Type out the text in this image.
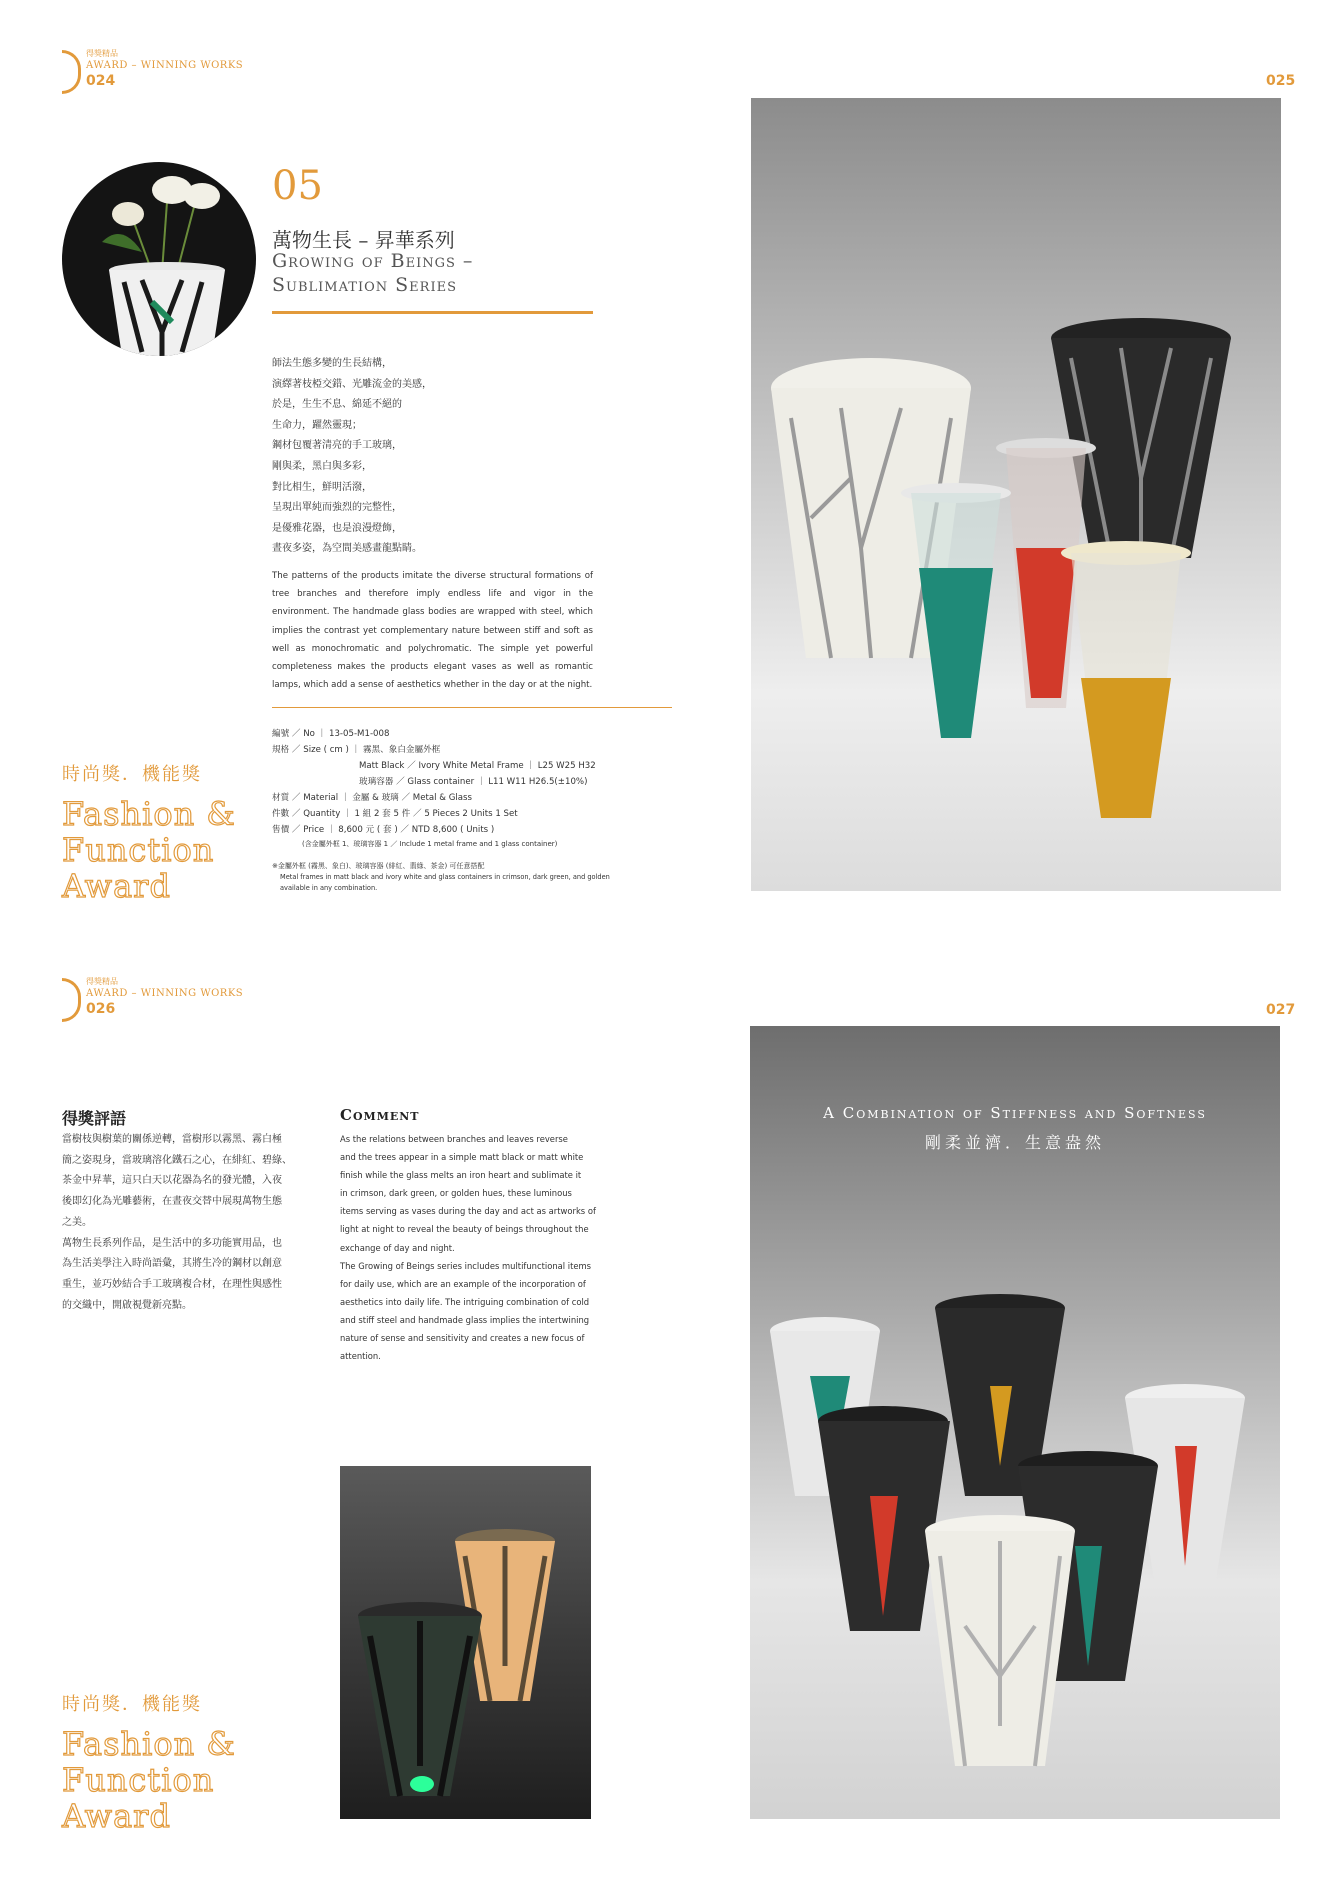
得獎精品
AWARD – WINNING WORKS
024	025
05
萬物生長 – 昇華系列
Growing of Beings –
Sublimation Series
師法生態多變的生長結構，
演繹著枝椏交錯、光雕流金的美感，
於是，生生不息、綿延不絕的
生命力，躍然靈現；
鋼材包覆著清亮的手工玻璃，
剛與柔，黑白與多彩，
對比相生，鮮明活潑，
呈現出單純而強烈的完整性，
是優雅花器，也是浪漫燈飾，
晝夜多姿，為空間美感畫龍點睛。
The patterns of the products imitate the diverse structural formations of tree branches and therefore imply endless life and vigor in the environment. The handmade glass bodies are wrapped with steel, which implies the contrast yet complementary nature between stiff and soft as well as monochromatic and polychromatic. The simple yet powerful completeness makes the products elegant vases as well as romantic lamps, which add a sense of aesthetics whether in the day or at the night.
編號 ／ No ｜ 13-05-M1-008
規格 ／ Size ( cm ) ｜ 霧黑、象白金屬外框
Matt Black ／ Ivory White Metal Frame ｜ L25 W25 H32
玻璃容器 ／ Glass container ｜ L11 W11 H26.5(±10%)
材質 ／ Material ｜ 金屬 & 玻璃 ／ Metal & Glass
件數 ／ Quantity ｜ 1 組 2 套 5 件 ／ 5 Pieces 2 Units 1 Set
售價 ／ Price ｜ 8,600 元 ( 套 ) ／ NTD 8,600 ( Units )
(含金屬外框 1、玻璃容器 1 ／ Include 1 metal frame and 1 glass container)
※金屬外框 (霧黑、象白)、玻璃容器 (緋紅、翡綠、茶金) 可任意搭配
Metal frames in matt black and ivory white and glass containers in crimson, dark green, and golden
available in any combination.
時尚獎．機能獎
Fashion &
Function
Award
得獎精品
AWARD – WINNING WORKS
026	027
得獎評語
當樹枝與樹葉的關係逆轉，當樹形以霧黑、霧白極
簡之姿現身，當玻璃溶化鐵石之心，在緋紅、碧綠、
茶金中昇華，這只白天以花器為名的發光體，入夜
後即幻化為光雕藝術，在晝夜交替中展現萬物生態
之美。
萬物生長系列作品，是生活中的多功能實用品，也
為生活美學注入時尚語彙，其將生冷的鋼材以創意
重生，並巧妙結合手工玻璃複合材，在理性與感性
的交織中，開啟視覺新亮點。
Comment
As the relations between branches and leaves reverse
and the trees appear in a simple matt black or matt white
finish while the glass melts an iron heart and sublimate it
in crimson, dark green, or golden hues, these luminous
items serving as vases during the day and act as artworks of
light at night to reveal the beauty of beings throughout the
exchange of day and night.
The Growing of Beings series includes multifunctional items
for daily use, which are an example of the incorporation of
aesthetics into daily life. The intriguing combination of cold
and stiff steel and handmade glass implies the intertwining
nature of sense and sensitivity and creates a new focus of
attention.
時尚獎．機能獎
Fashion &
Function
Award
A Combination of Stiffness and Softness
剛柔並濟．生意盎然
